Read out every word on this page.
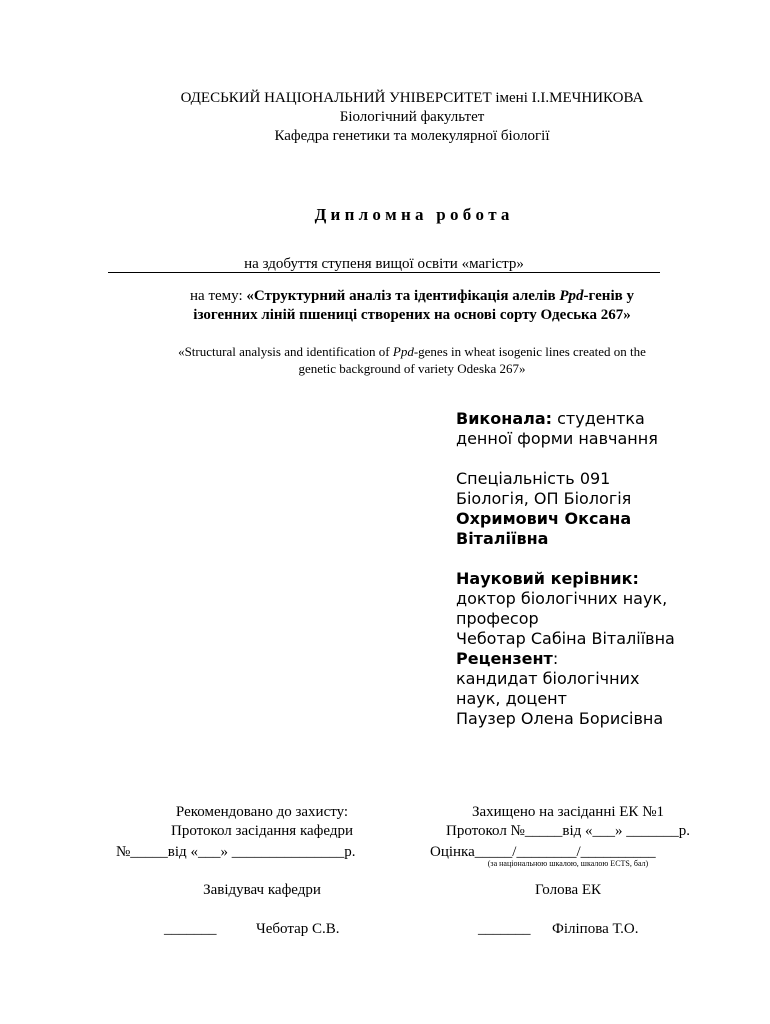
ОДЕСЬКИЙ НАЦІОНАЛЬНИЙ УНІВЕРСИТЕТ імені І.І.МЕЧНИКОВА
Біологічний факультет
Кафедра генетики та молекулярної біології
Д и п л о м н а   р о б о т а
на здобуття ступеня вищої освіти «магістр»
на тему: «Структурний аналіз та ідентифікація алелів Ppd-генів у
ізогенних ліній пшениці створених на основі сорту Одеська 267»
«Structural analysis and identification of Ppd-genes in wheat isogenic lines created on the
genetic background of variety Odeska 267»
Виконала: студентка
денної форми навчання
Спеціальність 091
Біологія, ОП Біологія
Охримович Оксана
Віталіївна
Науковий керівник:
доктор біологічних наук,
професор
Чеботар Сабіна Віталіївна
Рецензент:
кандидат біологічних
наук, доцент
Паузер Олена Борисівна
Рекомендовано до захисту:
Протокол засідання кафедри
№_____від «___» _______________р.
Завідувач кафедри
_______	Чеботар С.В.
Захищено на засіданні ЕК №1
Протокол №_____від «___» _______р.
Оцінка_____/________/__________
(за національною шкалою, шкалою ECTS, бал)
Голова ЕК
_______	Філіпова Т.О.
